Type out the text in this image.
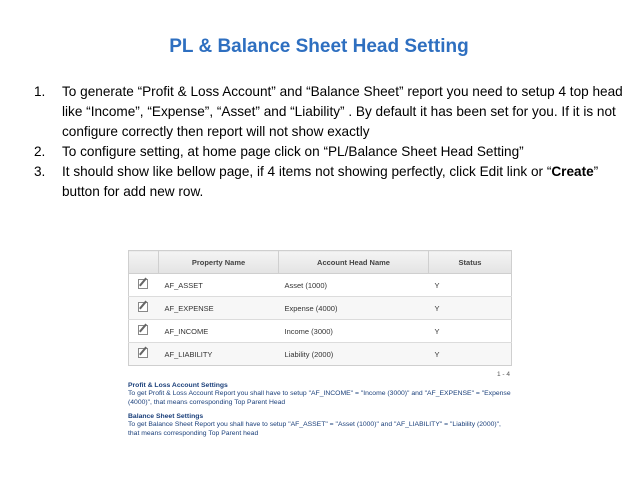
PL & Balance Sheet Head Setting
1. To generate “Profit & Loss Account” and “Balance Sheet” report you need to setup 4 top head like “Income”, “Expense”, “Asset” and “Liability” . By default it has been set for you. If it is not configure correctly then report will not show exactly
2. To configure setting, at home page click on “PL/Balance Sheet Head Setting”
3. It should show like bellow page, if 4 items not showing perfectly, click Edit link or “Create” button for add new row.
	Property Name	Account Head Name	Status
	AF_ASSET	Asset (1000)	Y
	AF_EXPENSE	Expense (4000)	Y
	AF_INCOME	Income (3000)	Y
	AF_LIABILITY	Liability (2000)	Y
1 - 4
Profit & Loss Account Settings
To get Profit & Loss Account Report you shall have to setup "AF_INCOME" = "Income (3000)" and "AF_EXPENSE" = "Expense (4000)", that means corresponding Top Parent Head
Balance Sheet Settings
To get Balance Sheet Report you shall have to setup "AF_ASSET" = "Asset (1000)" and "AF_LIABILITY" = "Liability (2000)", that means corresponding Top Parent head
